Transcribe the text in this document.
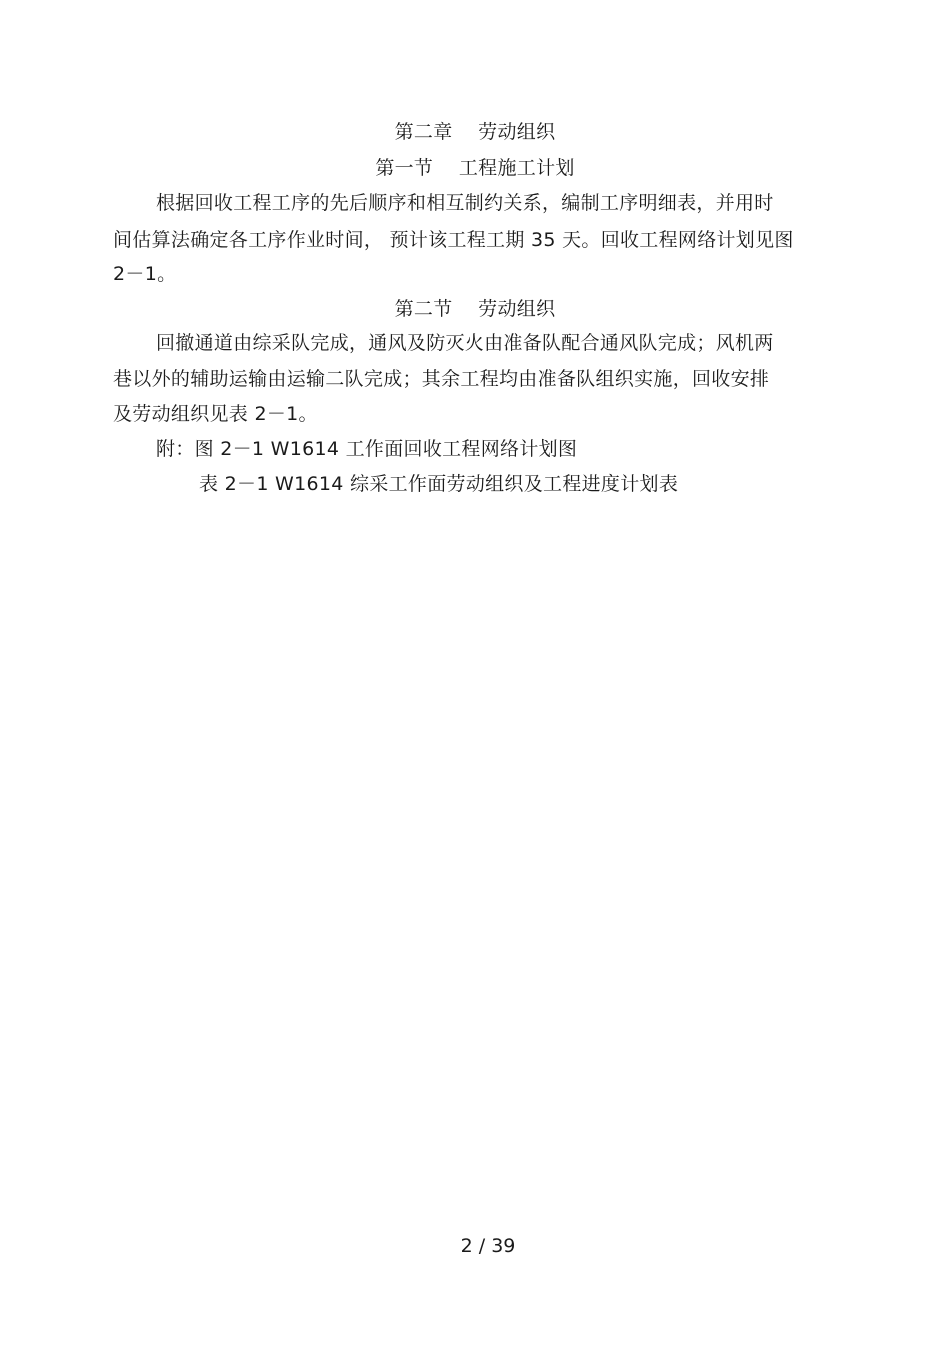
第二章　 劳动组织
第一节　 工程施工计划
根据回收工程工序的先后顺序和相互制约关系，编制工序明细表，并用时
间估算法确定各工序作业时间， 预计该工程工期 35 天。回收工程网络计划见图
2－1。
第二节　 劳动组织
回撤通道由综采队完成，通风及防灭火由准备队配合通风队完成；风机两
巷以外的辅助运输由运输二队完成；其余工程均由准备队组织实施，回收安排
及劳动组织见表 2－1。
附：图 2－1 W1614 工作面回收工程网络计划图
表 2－1 W1614 综采工作面劳动组织及工程进度计划表
2 / 39
